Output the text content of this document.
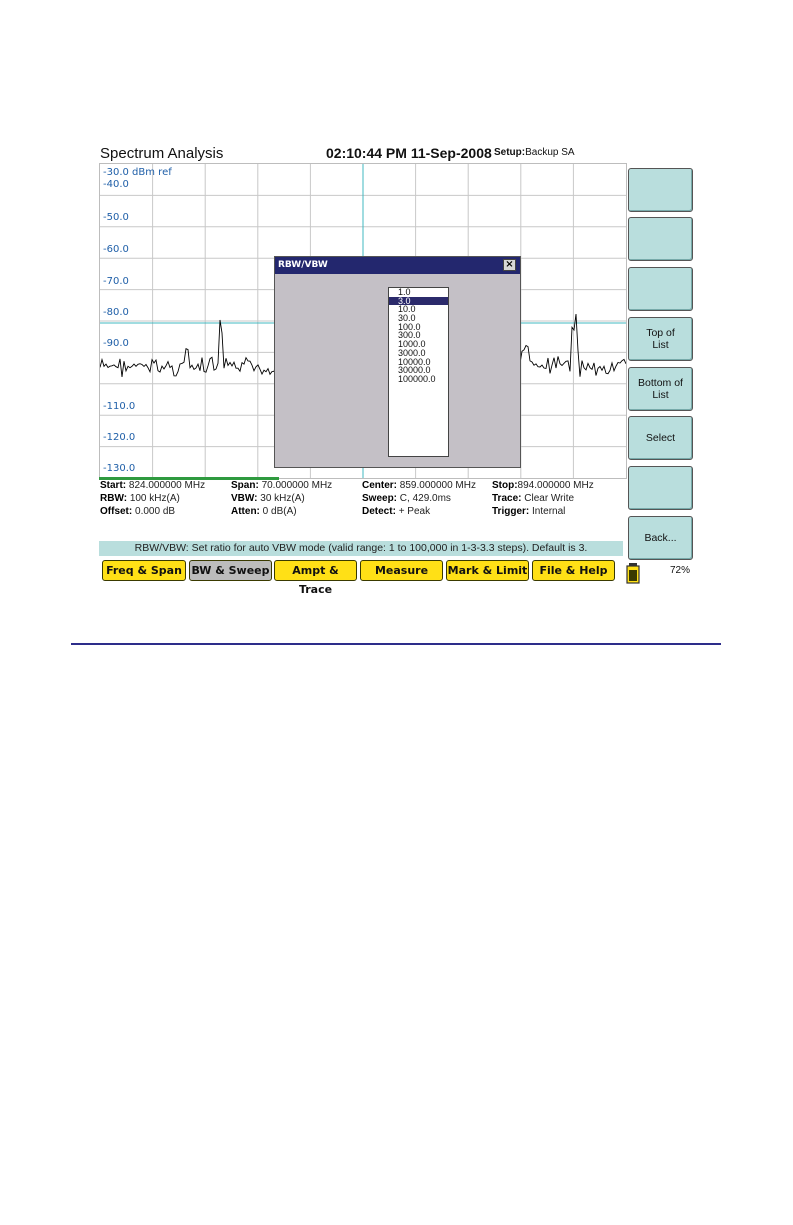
Spectrum Analysis	02:10:44 PM 11-Sep-2008 Setup:Backup SA
-30.0 dBm ref
-40.0
-50.0
-60.0
-70.0
-80.0
-90.0
-110.0
-120.0
-130.0
Start: 824.000000 MHz	Span: 70.000000 MHz	Center: 859.000000 MHz Stop:894.000000 MHz
RBW: 100 kHz(A)	VBW: 30 kHz(A)	Sweep: C, 429.0ms	Trace: Clear Write
Offset: 0.000 dB	Atten: 0 dB(A)	Detect: + Peak	Trigger: Internal
RBW/VBW: Set ratio for auto VBW mode (valid range: 1 to 100,000 in 1-3-3.3 steps). Default is 3.
Top of
List
Bottom of
List
Select
Back...
Freq & Span BW & Sweep	Ampt & Trace
Measure	Mark & Limit	File & Help	72%
RBW/VBW	×
1.0
3.0
10.0
30.0
100.0
300.0
1000.0
3000.0
10000.0
30000.0
100000.0
